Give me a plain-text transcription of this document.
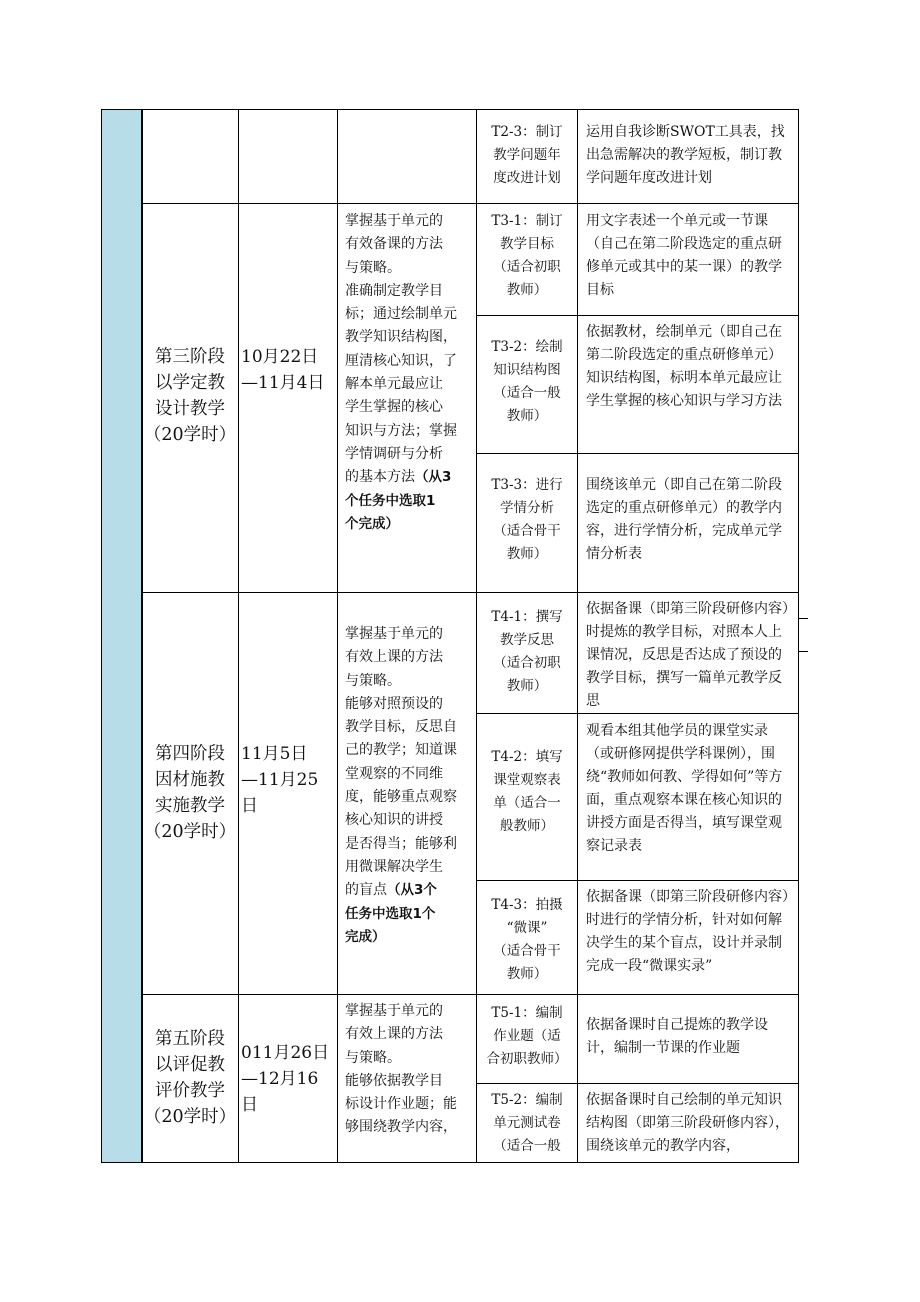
T2-3：制订
教学问题年
度改进计划
运用自我诊断SWOT工具表，找出急需解决的教学短板，制订教学问题年度改进计划
第三阶段
以学定教
设计教学
（20学时）
10月22日
—11月4日
掌握基于单元的
有效备课的方法
与策略。
准确制定教学目
标；通过绘制单元
教学知识结构图，
厘清核心知识，了
解本单元最应让
学生掌握的核心
知识与方法；掌握
学情调研与分析
的基本方法（从3
个任务中选取1
个完成）
T3-1：制订
教学目标
（适合初职
教师）
用文字表述一个单元或一节课（自己在第二阶段选定的重点研修单元或其中的某一课）的教学目标
T3-2：绘制
知识结构图
（适合一般
教师）
依据教材，绘制单元（即自己在第二阶段选定的重点研修单元）知识结构图，标明本单元最应让学生掌握的核心知识与学习方法
T3-3：进行
学情分析
（适合骨干
教师）
围绕该单元（即自己在第二阶段选定的重点研修单元）的教学内容，进行学情分析，完成单元学情分析表
第四阶段
因材施教
实施教学
（20学时）
11月5日
—11月25
日
掌握基于单元的
有效上课的方法
与策略。
能够对照预设的
教学目标，反思自
己的教学；知道课
堂观察的不同维
度，能够重点观察
核心知识的讲授
是否得当；能够利
用微课解决学生
的盲点（从3个
任务中选取1个
完成）
T4-1：撰写
教学反思
（适合初职
教师）
依据备课（即第三阶段研修内容）时提炼的教学目标，对照本人上课情况，反思是否达成了预设的教学目标，撰写一篇单元教学反思
T4-2：填写
课堂观察表
单（适合一
般教师）
观看本组其他学员的课堂实录（或研修网提供学科课例），围绕“教师如何教、学得如何”等方面，重点观察本课在核心知识的讲授方面是否得当，填写课堂观察记录表
T4-3：拍摄
“微课”
（适合骨干
教师）
依据备课（即第三阶段研修内容）时进行的学情分析，针对如何解决学生的某个盲点，设计并录制完成一段“微课实录”
第五阶段
以评促教
评价教学
（20学时）
011月26日
—12月16
日
掌握基于单元的
有效上课的方法
与策略。
能够依据教学目
标设计作业题；能
够围绕教学内容，
T5-1：编制
作业题（适
合初职教师）
依据备课时自己提炼的教学设计，编制一节课的作业题
T5-2：编制
单元测试卷
（适合一般
依据备课时自己绘制的单元知识结构图（即第三阶段研修内容），围绕该单元的教学内容，
